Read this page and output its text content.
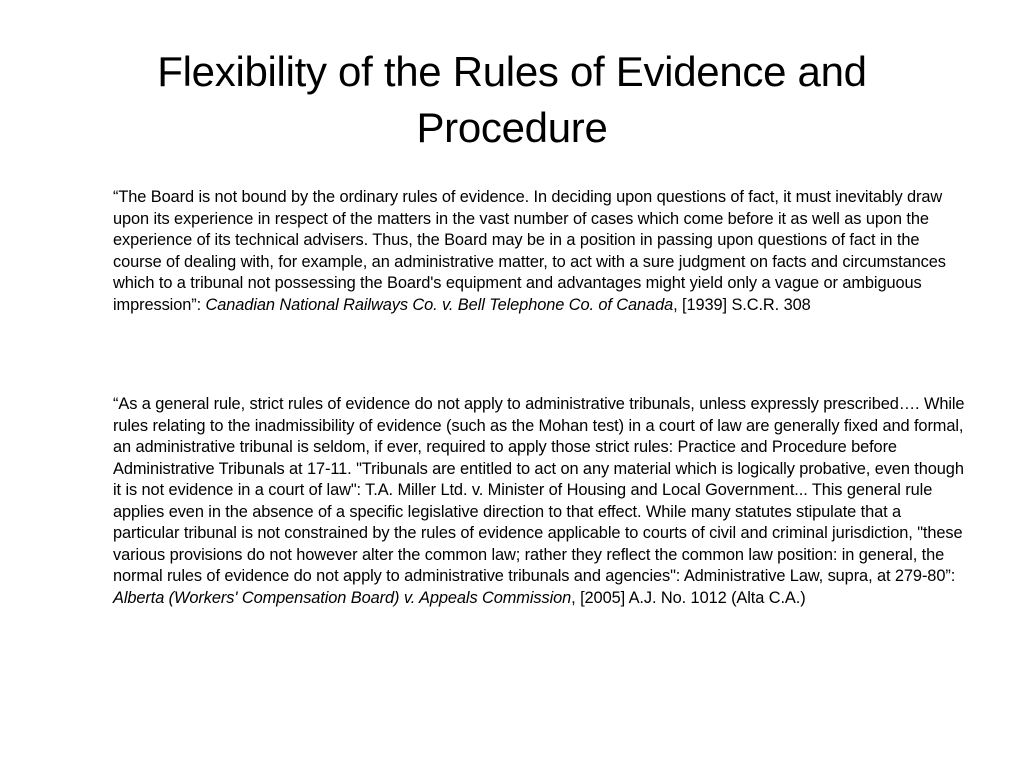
Flexibility of the Rules of Evidence and Procedure

“The Board is not bound by the ordinary rules of evidence. In deciding upon questions of fact, it must inevitably draw upon its experience in respect of the matters in the vast number of cases which come before it as well as upon the experience of its technical advisers. Thus, the Board may be in a position in passing upon questions of fact in the course of dealing with, for example, an administrative matter, to act with a sure judgment on facts and circumstances which to a tribunal not possessing the Board's equipment and advantages might yield only a vague or ambiguous impression”: Canadian National Railways Co. v. Bell Telephone Co. of Canada, [1939] S.C.R. 308

“As a general rule, strict rules of evidence do not apply to administrative tribunals, unless expressly prescribed…. While rules relating to the inadmissibility of evidence (such as the Mohan test) in a court of law are generally fixed and formal, an administrative tribunal is seldom, if ever, required to apply those strict rules: Practice and Procedure before Administrative Tribunals at 17-11. "Tribunals are entitled to act on any material which is logically probative, even though it is not evidence in a court of law": T.A. Miller Ltd. v. Minister of Housing and Local Government... This general rule applies even in the absence of a specific legislative direction to that effect. While many statutes stipulate that a particular tribunal is not constrained by the rules of evidence applicable to courts of civil and criminal jurisdiction, "these various provisions do not however alter the common law; rather they reflect the common law position: in general, the normal rules of evidence do not apply to administrative tribunals and agencies": Administrative Law, supra, at 279-80”: Alberta (Workers' Compensation Board) v. Appeals Commission, [2005] A.J. No. 1012 (Alta C.A.)
